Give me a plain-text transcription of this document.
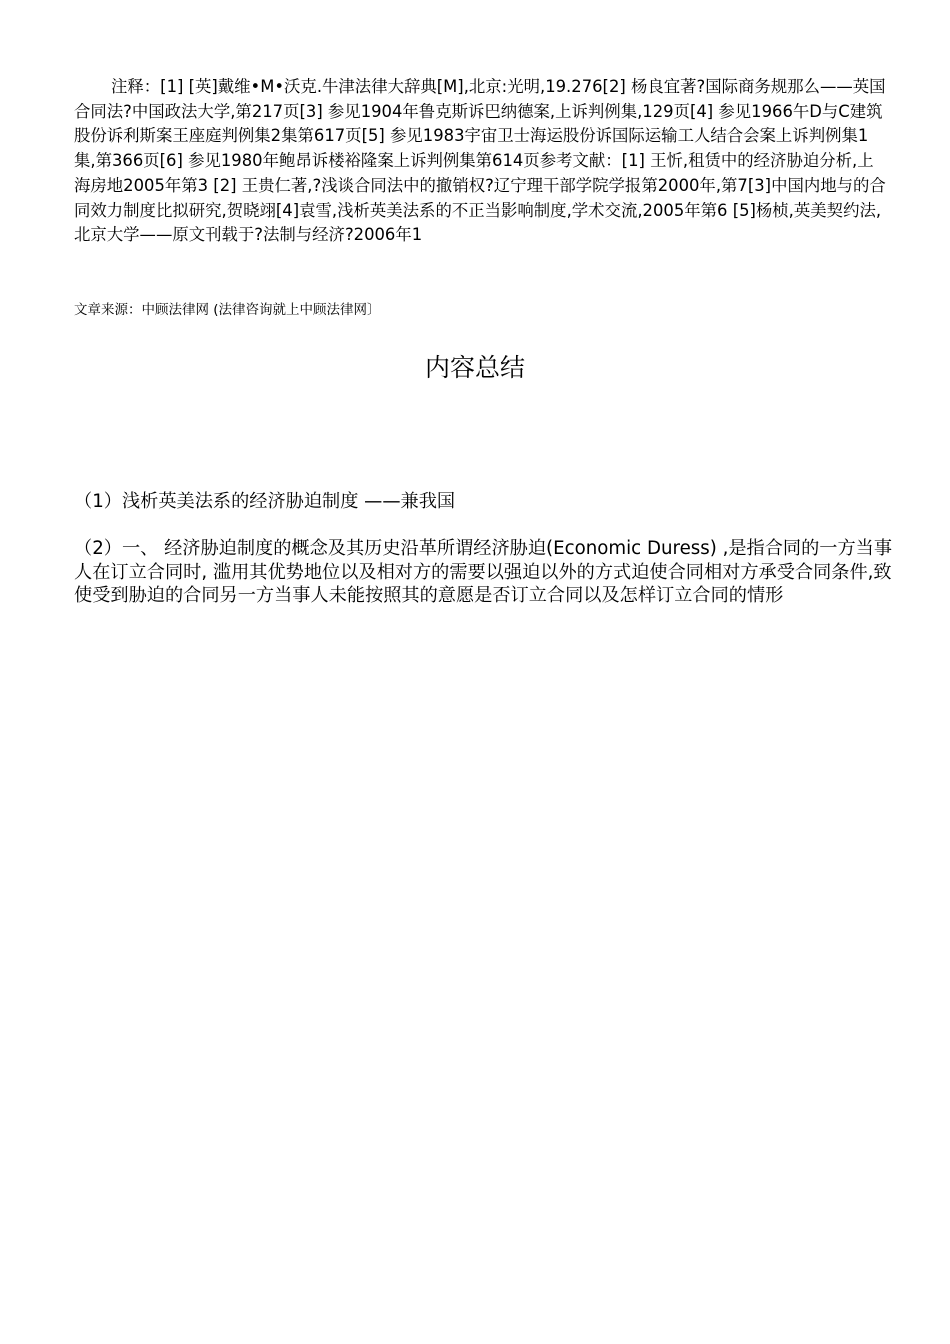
注释：[1] [英]戴维•M•沃克.牛津法律大辞典[M],北京:光明,19.276[2] 杨良宜著?国际商务规那么——英国合同法?中国政法大学,第217页[3] 参见1904年鲁克斯诉巴纳德案,上诉判例集,129页[4] 参见1966午D与C建筑股份诉利斯案王座庭判例集2集第617页[5] 参见1983宇宙卫士海运股份诉国际运输工人结合会案上诉判例集1集,第366页[6] 参见1980年鲍昂诉楼裕隆案上诉判例集第614页参考文献：[1] 王忻,租赁中的经济胁迫分析,上海房地2005年第3 [2] 王贵仁著,?浅谈合同法中的撤销权?辽宁理干部学院学报第2000年,第7[3]中国内地与的合同效力制度比拟研究,贺晓翊[4]袁雪,浅析英美法系的不正当影响制度,学术交流,2005年第6 [5]杨桢,英美契约法,北京大学——原文刊载于?法制与经济?2006年1

文章来源：中顾法律网 (法律咨询就上中顾法律网〕

内容总结

（1）浅析英美法系的经济胁迫制度 ——兼我国

（2）一、 经济胁迫制度的概念及其历史沿革所谓经济胁迫(Economic Duress) ,是指合同的一方当事人在订立合同时, 滥用其优势地位以及相对方的需要以强迫以外的方式迫使合同相对方承受合同条件,致使受到胁迫的合同另一方当事人未能按照其的意愿是否订立合同以及怎样订立合同的情形
